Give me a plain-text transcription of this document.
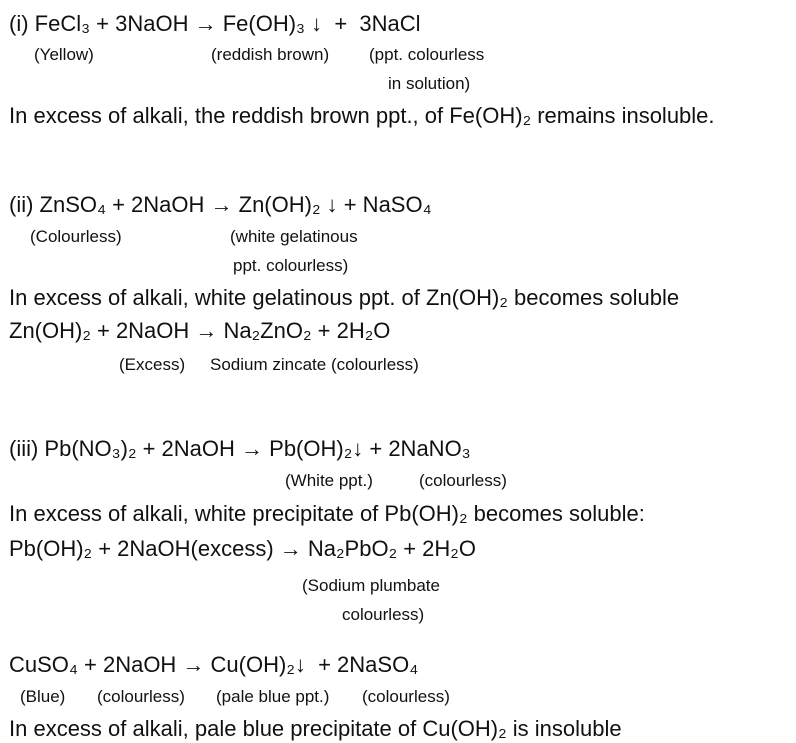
(i) FeCl₃ + 3NaOH → Fe(OH)₃ ↓  +  3NaCl
(Yellow)	(reddish brown) (ppt. colourless
in solution)
In excess of alkali, the reddish brown ppt., of Fe(OH)₂ remains insoluble.
(ii) ZnSO₄ + 2NaOH → Zn(OH)₂ ↓ + NaSO₄
(Colourless)	(white gelatinous
ppt. colourless)
In excess of alkali, white gelatinous ppt. of Zn(OH)₂ becomes soluble
Zn(OH)₂ + 2NaOH → Na₂ZnO₂ + 2H₂O
(Excess) Sodium zincate (colourless)
(iii) Pb(NO₃)₂ + 2NaOH → Pb(OH)₂↓ + 2NaNO₃
(White ppt.)	(colourless)
In excess of alkali, white precipitate of Pb(OH)₂ becomes soluble:
Pb(OH)₂ + 2NaOH(excess) → Na₂PbO₂ + 2H₂O
(Sodium plumbate
colourless)
CuSO₄ + 2NaOH → Cu(OH)₂↓  + 2NaSO₄
(Blue) (colourless) (pale blue ppt.) (colourless)
In excess of alkali, pale blue precipitate of Cu(OH)₂ is insoluble
